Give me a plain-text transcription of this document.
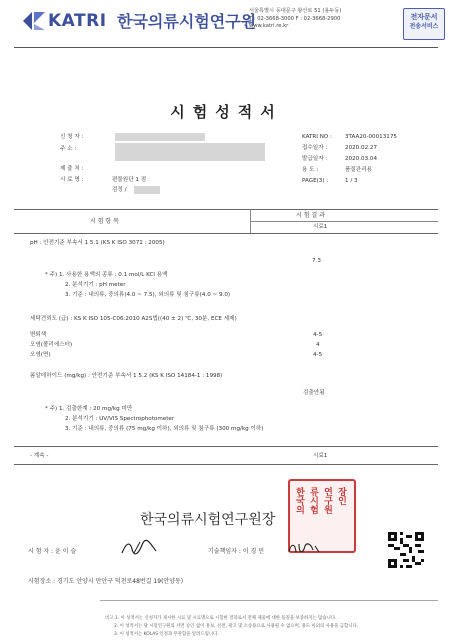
KATRI 한국의류시험연구원
서울특별시 동대문구 왕산로 51 (용두동)
T : 02-3668-3000 F : 02-3668-2900
www.katri.re.kr
전자문서
전송서비스
시험성적서
신 청 자 :
주 소 :
제 출 처 :
시 료 명 :	편물원단 1 점
검정 /
KATRI NO : 3TAA20-00013175
접수일자 :	2020.02.27
발급일자 :	2020.03.04
용 도 :	품질관리용
PAGE(3) :	1 / 3
시 험 항 목
시 험 결 과
시료1
pH : 안전기준 부속서 1 5.1 (KS K ISO 3071 : 2005)
7.3
* 주) 1. 사용한 용액의 종류 : 0.1 mol/L KCl 용액
2. 분석기기 : pH meter
3. 기준 : 내의류, 중의류(4.0 ~ 7.5), 외의류 및 침구류(4.0 ~ 9.0)
세탁견뢰도 (급) : KS K ISO 105-C06:2010 A2S법((40 ± 2) ℃, 30분, ECE 세제)
변퇴색	4-5
오염(폴리에스터)	4
오염(면)	4-5
폼알데하이드 (mg/kg) : 안전기준 부속서 1 5.2 (KS K ISO 14184-1 : 1998)
검출안됨
* 주) 1. 검출한계 : 20 mg/kg 미만
2. 분석기기 : UV/VIS Spectrophotometer
3. 기준 : 내의류, 중의류 (75 mg/kg 이하), 외의류 및 침구류 (300 mg/kg 이하)
- 계속 -	시료1
한국의 류시험 연구원 장인
한국의류시험연구원장
시 험 자 : 윤 이 슬	기술책임자 : 이 경 민
시험장소 : 경기도 안양시 만안구 덕천로48번길 19(안양동)
비고 1. 이 성적서는 신청자가 제시한 시료 및 시료명으로 시험한 결과로서 전체 제품에 대한 품질을 보증하지는 않습니다.
2. 이 성적서는 당 시험연구원의 서면 승인 없이 홍보, 선전, 광고 및 소송용으로 사용될 수 없으며, 용도 이외의 사용을 금합니다.
3. 이 성적서는 KOLAS 인정과 무관함을 알려드립니다.
